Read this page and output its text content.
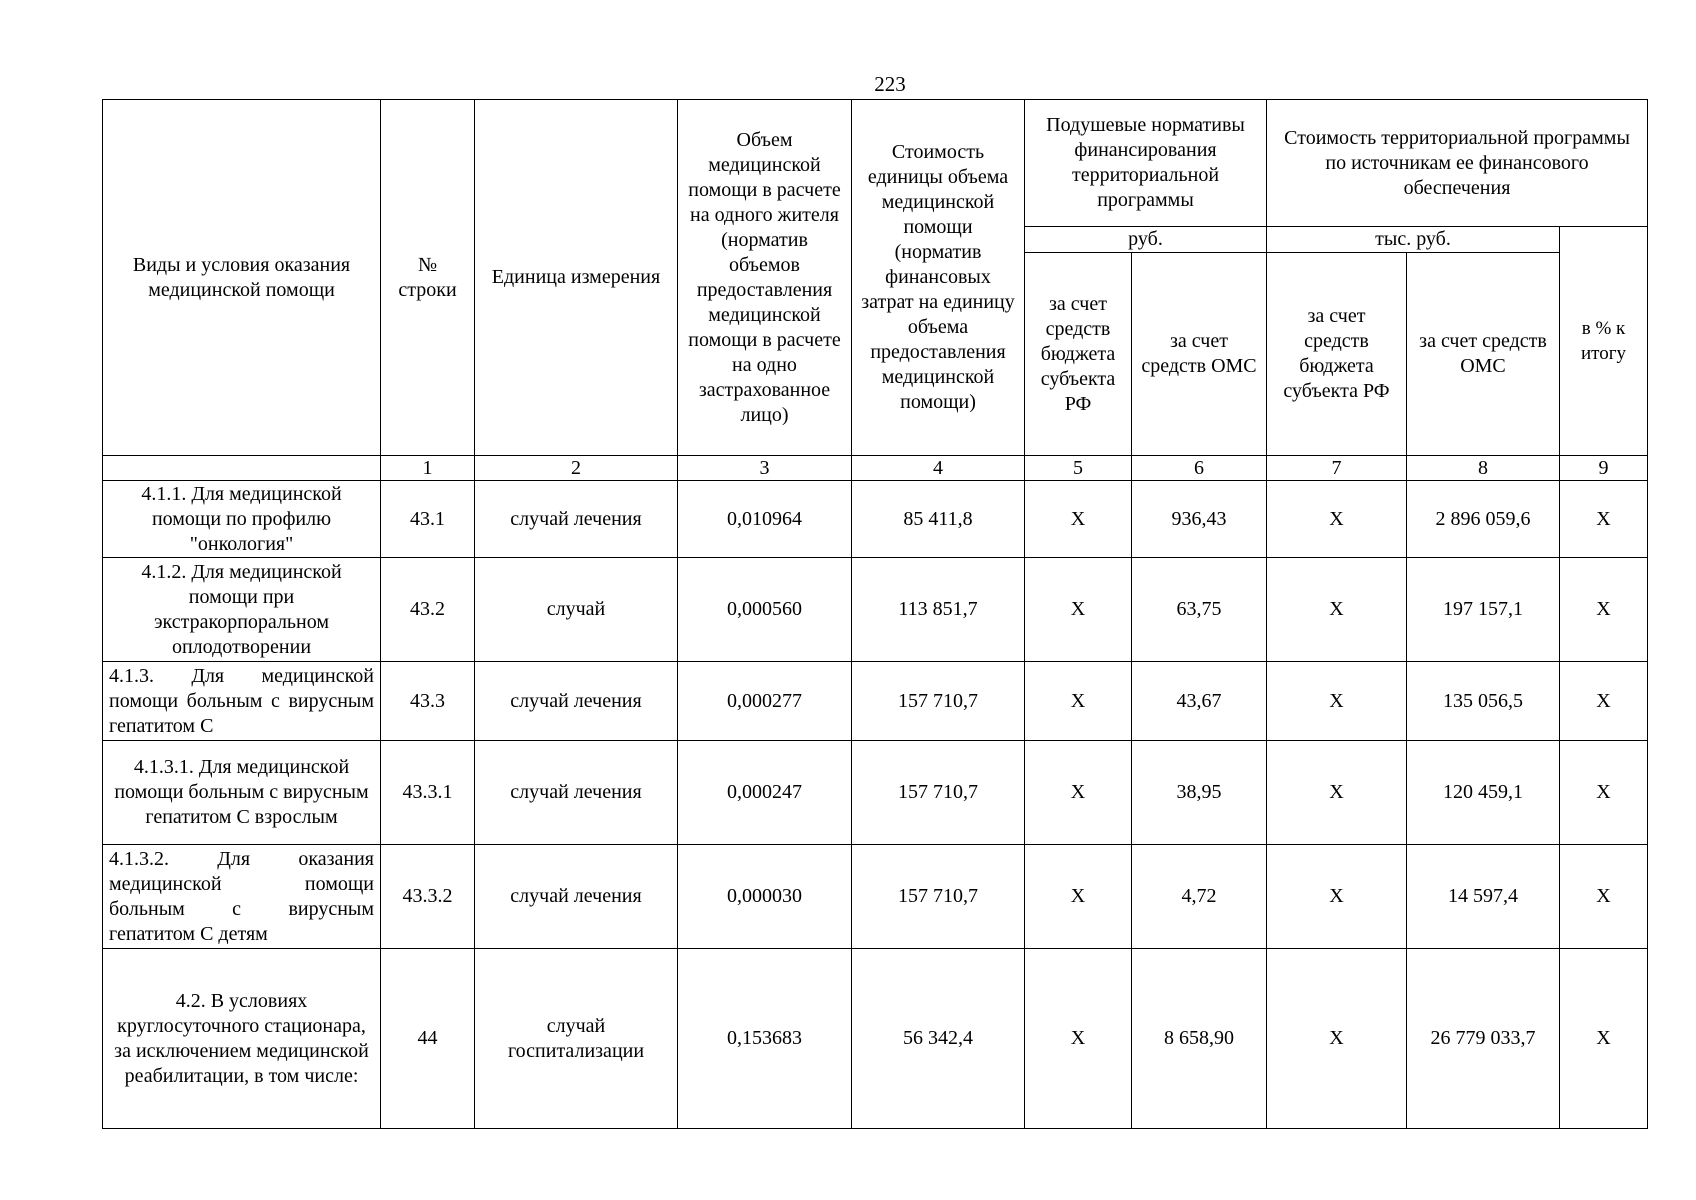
223
Виды и условия оказания медицинской помощи	№ строки	Единица измерения	Объем медицинской помощи в расчете на одного жителя (норматив объемов предоставления медицинской помощи в расчете на одно застрахованное лицо)	Стоимость единицы объема медицинской помощи (норматив финансовых затрат на единицу объема предоставления медицинской помощи)	Подушевые нормативы финансирования территориальной программы		Стоимость территориальной программы по источникам ее финансового обеспечения		
					руб.		тыс. руб.		в % к итогу
					за счет средств бюджета субъекта РФ	за счет средств ОМС	за счет средств бюджета субъекта РФ	за счет средств ОМС	
	1	2	3	4	5	6	7	8	9
4.1.1. Для медицинской помощи по профилю "онкология"	43.1	случай лечения	0,010964	85 411,8	Х	936,43	Х	2 896 059,6	Х
4.1.2. Для медицинской помощи при экстракорпоральном оплодотворении	43.2	случай	0,000560	113 851,7	Х	63,75	Х	197 157,1	Х
4.1.3. Для медицинской помощи больным с вирусным гепатитом С	43.3	случай лечения	0,000277	157 710,7	Х	43,67	Х	135 056,5	Х
4.1.3.1. Для медицинской помощи больным с вирусным гепатитом С взрослым	43.3.1	случай лечения	0,000247	157 710,7	Х	38,95	Х	120 459,1	Х
4.1.3.2. Для оказания медицинской помощи больным с вирусным гепатитом С детям	43.3.2	случай лечения	0,000030	157 710,7	Х	4,72	Х	14 597,4	Х
4.2. В условиях круглосуточного стационара, за исключением медицинской реабилитации, в том числе:	44	случай госпитализации	0,153683	56 342,4	Х	8 658,90	Х	26 779 033,7	Х
